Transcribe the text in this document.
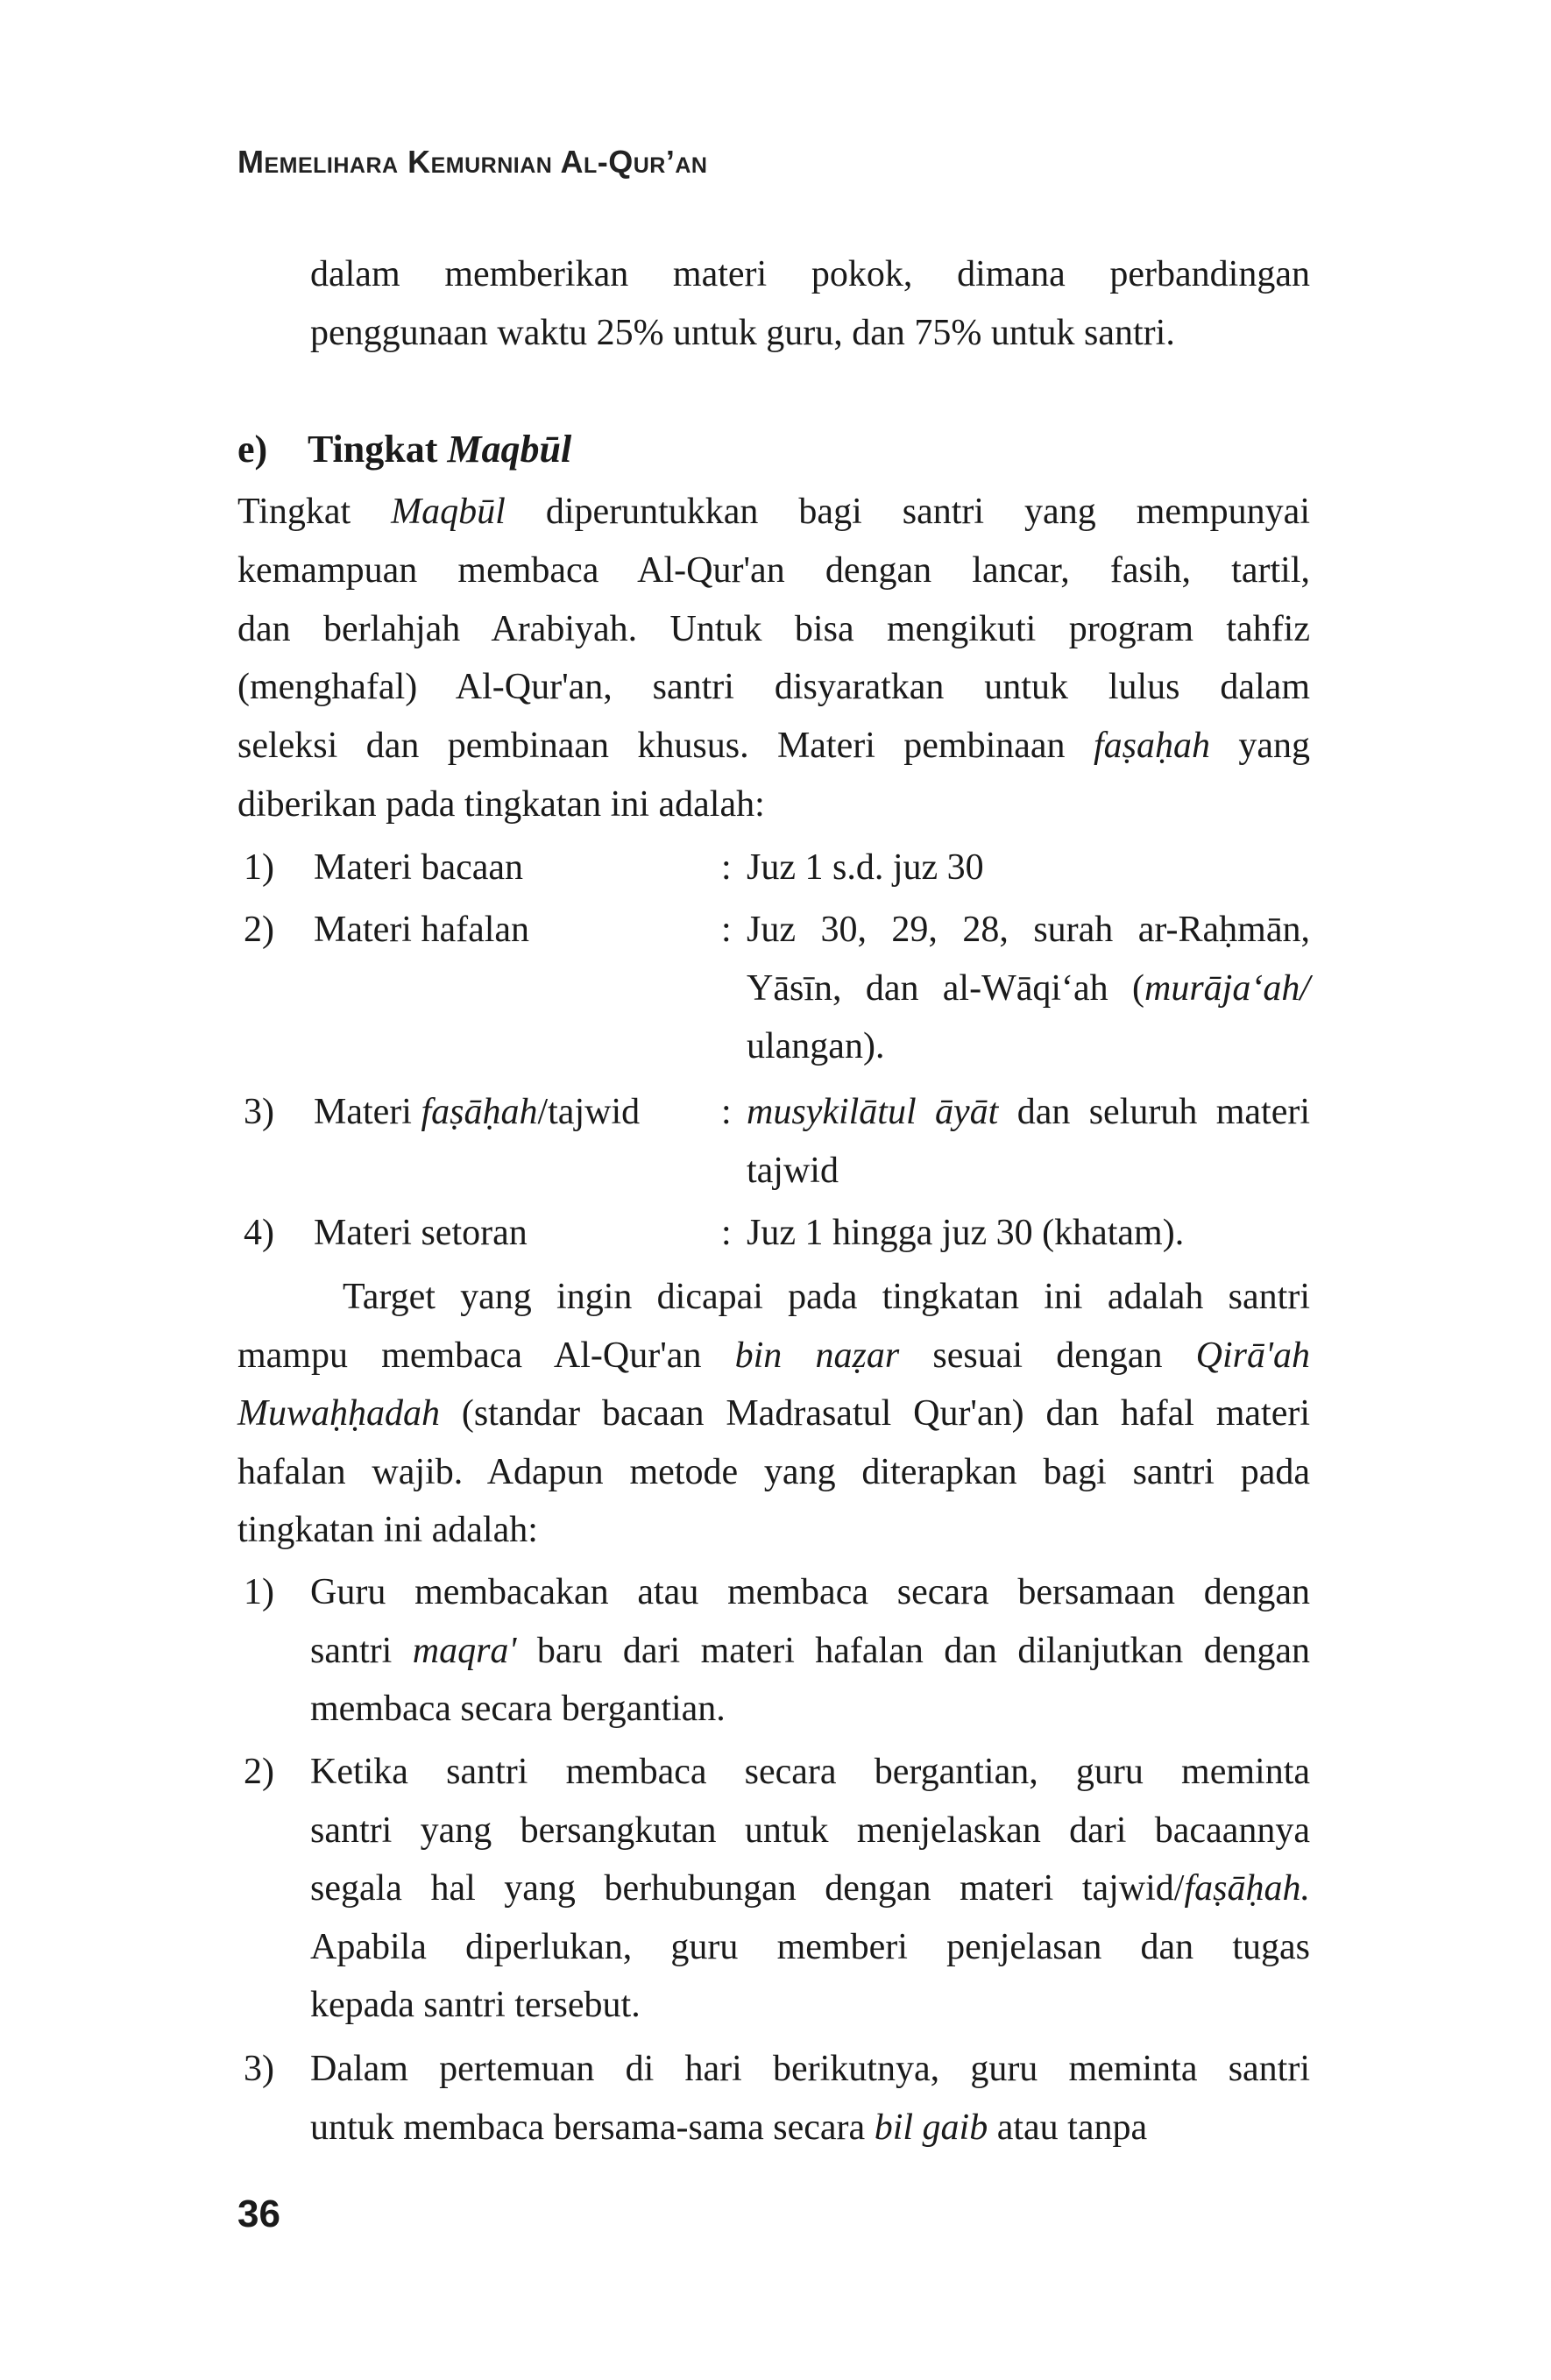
Memelihara Kemurnian Al-Qur’an
dalam memberikan materi pokok, dimana perbandingan
penggunaan waktu 25% untuk guru, dan 75% untuk santri.
e) Tingkat Maqbūl
Tingkat Maqbūl diperuntukkan bagi santri yang mempunyai
kemampuan membaca Al-Qur'an dengan lancar, fasih, tartil,
dan berlahjah Arabiyah. Untuk bisa mengikuti program tahfiz
(menghafal) Al-Qur'an, santri disyaratkan untuk lulus dalam
seleksi dan pembinaan khusus. Materi pembinaan faṣaḥah yang
diberikan pada tingkatan ini adalah:
1) Materi bacaan	: Juz 1 s.d. juz 30
2) Materi hafalan	: Juz 30, 29, 28, surah ar-Raḥmān,
Yāsīn, dan al-Wāqi‘ah (murāja‘ah/
ulangan).
3) Materi faṣāḥah/tajwid : musykilātul āyāt dan seluruh materi
tajwid
4) Materi setoran	: Juz 1 hingga juz 30 (khatam).
Target yang ingin dicapai pada tingkatan ini adalah santri
mampu membaca Al-Qur'an bin naẓar sesuai dengan Qirā'ah
Muwaḥḥadah (standar bacaan Madrasatul Qur'an) dan hafal materi
hafalan wajib. Adapun metode yang diterapkan bagi santri pada
tingkatan ini adalah:
1) Guru membacakan atau membaca secara bersamaan dengan
santri maqra' baru dari materi hafalan dan dilanjutkan dengan
membaca secara bergantian.
2) Ketika santri membaca secara bergantian, guru meminta
santri yang bersangkutan untuk menjelaskan dari bacaannya
segala hal yang berhubungan dengan materi tajwid/faṣāḥah.
Apabila diperlukan, guru memberi penjelasan dan tugas
kepada santri tersebut.
3) Dalam pertemuan di hari berikutnya, guru meminta santri
untuk membaca bersama-sama secara bil gaib atau tanpa
36
